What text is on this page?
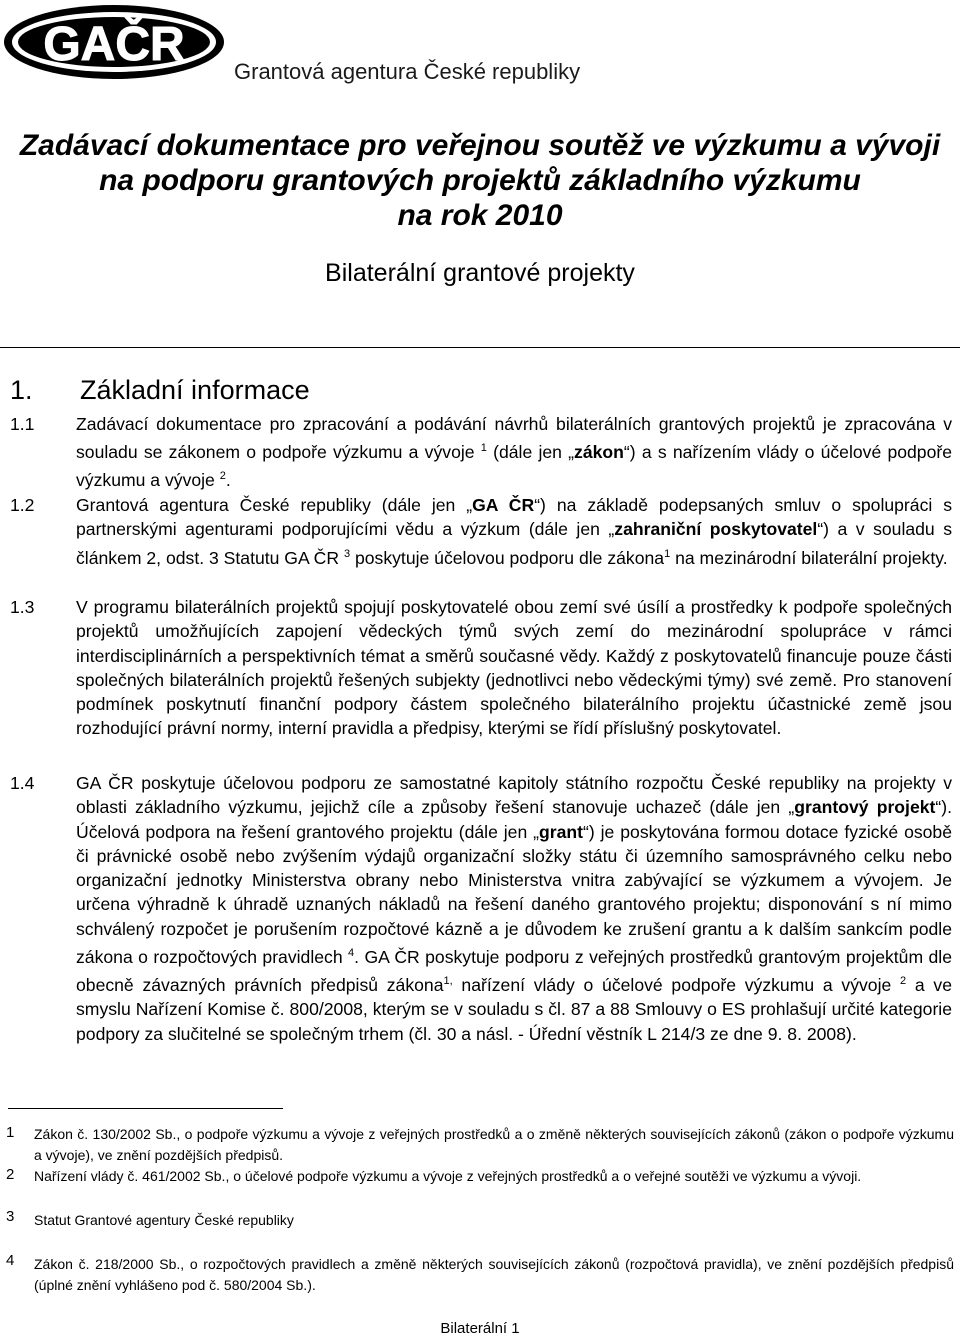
GAČR
Grantová agentura České republiky
Zadávací dokumentace pro veřejnou soutěž ve výzkumu a vývoji
na podporu grantových projektů základního výzkumu
na rok 2010
Bilaterální grantové projekty
1. Základní informace
1.1 Zadávací dokumentace pro zpracování a podávání návrhů bilaterálních grantových projektů je zpracována v souladu se zákonem o podpoře výzkumu a vývoje $^1$ (dále jen „zákon“) a s nařízením vlády o účelové podpoře výzkumu a vývoje $^2$.
1.2 Grantová agentura České republiky (dále jen „GA ČR“) na základě podepsaných smluv o spolupráci s partnerskými agenturami podporujícími vědu a výzkum (dále jen „zahraniční poskytovatel“) a v souladu s článkem 2, odst. 3 Statutu GA ČR $^3$ poskytuje účelovou podporu dle zákona$^1$ na mezinárodní bilaterální projekty.
1.3 V programu bilaterálních projektů spojují poskytovatelé obou zemí své úsílí a prostředky k podpoře společných projektů umožňujících zapojení vědeckých týmů svých zemí do mezinárodní spolupráce v rámci interdisciplinárních a perspektivních témat a směrů současné vědy. Každý z poskytovatelů financuje pouze části společných bilaterálních projektů řešených subjekty (jednotlivci nebo vědeckými týmy) své země. Pro stanovení podmínek poskytnutí finanční podpory částem společného bilaterálního projektu účastnické země jsou rozhodující právní normy, interní pravidla a předpisy, kterými se řídí příslušný poskytovatel.
1.4 GA ČR poskytuje účelovou podporu ze samostatné kapitoly státního rozpočtu České republiky na projekty v oblasti základního výzkumu, jejichž cíle a způsoby řešení stanovuje uchazeč (dále jen „grantový projekt“). Účelová podpora na řešení grantového projektu (dále jen „grant“) je poskytována formou dotace fyzické osobě či právnické osobě nebo zvýšením výdajů organizační složky státu či územního samosprávného celku nebo organizační jednotky Ministerstva obrany nebo Ministerstva vnitra zabývající se výzkumem a vývojem. Je určena výhradně k úhradě uznaných nákladů na řešení daného grantového projektu; disponování s ní mimo schválený rozpočet je porušením rozpočtové kázně a je důvodem ke zrušení grantu a k dalším sankcím podle zákona o rozpočtových pravidlech $^4$. GA ČR poskytuje podporu z veřejných prostředků grantovým projektům dle obecně závazných právních předpisů zákona$^{1,}$ nařízení vlády o účelové podpoře výzkumu a vývoje $^2$ a ve smyslu Nařízení Komise č. 800/2008, kterým se v souladu s čl. 87 a 88 Smlouvy o ES prohlašují určité kategorie podpory za slučitelné se společným trhem (čl. 30 a násl. - Úřední věstník L 214/3 ze dne 9. 8. 2008).
1 Zákon č. 130/2002 Sb., o podpoře výzkumu a vývoje z veřejných prostředků a o změně některých souvisejících zákonů (zákon o podpoře výzkumu a vývoje), ve znění pozdějších předpisů.
2 Nařízení vlády č. 461/2002 Sb., o účelové podpoře výzkumu a vývoje z veřejných prostředků a o veřejné soutěži ve výzkumu a vývoji.
3 Statut Grantové agentury České republiky
4 Zákon č. 218/2000 Sb., o rozpočtových pravidlech a změně některých souvisejících zákonů (rozpočtová pravidla), ve znění pozdějších předpisů (úplné znění vyhlášeno pod č. 580/2004 Sb.).
Bilaterální 1
